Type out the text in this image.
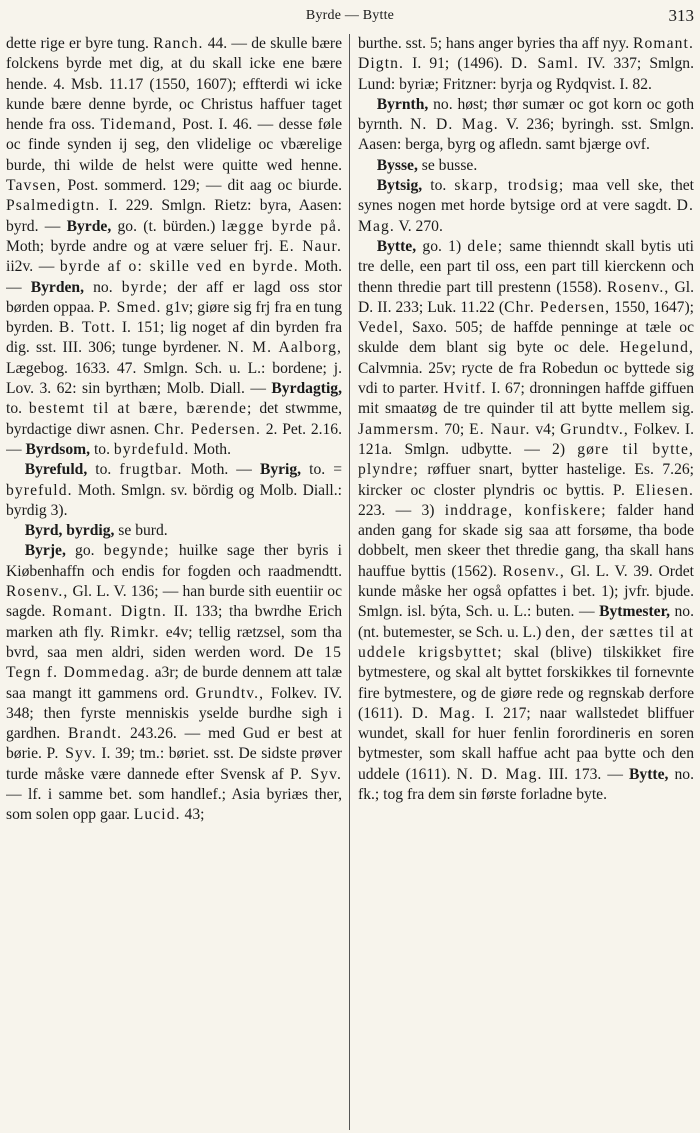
Byrde — Bytte	313

dette rige er byre tung. Ranch. 44. — de skulle bære folckens byrde met dig, at du skall icke ene bære hende. 4. Msb. 11.17 (1550, 1607); effterdi wi icke kunde bære denne byrde, oc Christus haffuer taget hende fra oss. Tidemand, Post. I. 46. — desse føle oc finde synden ij seg, den vlidelige oc vbærelige burde, thi wilde de helst were quitte wed henne. Tavsen, Post. sommerd. 129; — dit aag oc biurde. Psalmedigtn. I. 229. Smlgn. Rietz: byra, Aasen: byrd. — Byrde, go. (t. bürden.) lægge byrde på. Moth; byrde andre og at være seluer frj. E. Naur. ii2v. — byrde af o: skille ved en byrde. Moth. — Byrden, no. byrde; der aff er lagd oss stor børden oppaa. P. Smed. g1v; giøre sig frj fra en tung byrden. B. Tott. I. 151; lig noget af din byrden fra dig. sst. III. 306; tunge byrdener. N. M. Aalborg, Lægebog. 1633. 47. Smlgn. Sch. u. L.: bordene; j. Lov. 3. 62: sin byrthæn; Molb. Diall. — Byrdagtig, to. bestemt til at bære, bærende; det stwmme, byrdactige diwr asnen. Chr. Pedersen. 2. Pet. 2.16. — Byrdsom, to. byrdefuld. Moth.

Byrefuld, to. frugtbar. Moth. — Byrig, to. = byrefuld. Moth. Smlgn. sv. bördig og Molb. Diall.: byrdig 3).

Byrd, byrdig, se burd.

Byrje, go. begynde; huilke sage ther byris i Kiøbenhaffn och endis for fogden och raadmendtt. Rosenv., Gl. L. V. 136; — han burde sith euentiir oc sagde. Romant. Digtn. II. 133; tha bwrdhe Erich marken ath fly. Rimkr. e4v; tellig rætzsel, som tha bvrd, saa men aldri, siden werden word. De 15 Tegn f. Dommedag. a3r; de burde dennem att talæ saa mangt itt gammens ord. Grundtv., Folkev. IV. 348; then fyrste menniskis yselde burdhe sigh i gardhen. Brandt. 243.26. — med Gud er best at børie. P. Syv. I. 39; tm.: børiet. sst. De sidste prøver turde måske være dannede efter Svensk af P. Syv. — lf. i samme bet. som handlef.; Asia byriæs ther, som solen opp gaar. Lucid. 43;

burthe. sst. 5; hans anger byries tha aff nyy. Romant. Digtn. I. 91; (1496). D. Saml. IV. 337; Smlgn. Lund: byriæ; Fritzner: byrja og Rydqvist. I. 82.

Byrnth, no. høst; thør sumær oc got korn oc goth byrnth. N. D. Mag. V. 236; byringh. sst. Smlgn. Aasen: berga, byrg og afledn. samt bjærge ovf.

Bysse, se busse.

Bytsig, to. skarp, trodsig; maa vell ske, thet synes nogen met horde bytsige ord at vere sagdt. D. Mag. V. 270.

Bytte, go. 1) dele; same thienndt skall bytis uti tre delle, een part til oss, een part till kierckenn och thenn thredie part till prestenn (1558). Rosenv., Gl. D. II. 233; Luk. 11.22 (Chr. Pedersen, 1550, 1647); Vedel, Saxo. 505; de haffde penninge at tæle oc skulde dem blant sig byte oc dele. Hegelund, Calvmnia. 25v; rycte de fra Robedun oc byttede sig vdi to parter. Hvitf. I. 67; dronningen haffde giffuen mit smaatøg de tre quinder til att bytte mellem sig. Jammersm. 70; E. Naur. v4; Grundtv., Folkev. I. 121a. Smlgn. udbytte. — 2) gøre til bytte, plyndre; røffuer snart, bytter hastelige. Es. 7.26; kircker oc closter plyndris oc byttis. P. Eliesen. 223. — 3) inddrage, konfiskere; falder hand anden gang for skade sig saa att forsøme, tha bode dobbelt, men skeer thet thredie gang, tha skall hans hauffue byttis (1562). Rosenv., Gl. L. V. 39. Ordet kunde måske her også opfattes i bet. 1); jvfr. bjude. Smlgn. isl. býta, Sch. u. L.: buten. — Bytmester, no. (nt. butemester, se Sch. u. L.) den, der sættes til at uddele krigsbyttet; skal (blive) tilskikket fire bytmestere, og skal alt byttet forskikkes til fornevnte fire bytmestere, og de giøre rede og regnskab derfore (1611). D. Mag. I. 217; naar wallstedet bliffuer wundet, skall for huer fenlin forordineris en soren bytmester, som skall haffue acht paa bytte och den uddele (1611). N. D. Mag. III. 173. — Bytte, no. fk.; tog fra dem sin første forladne byte.
